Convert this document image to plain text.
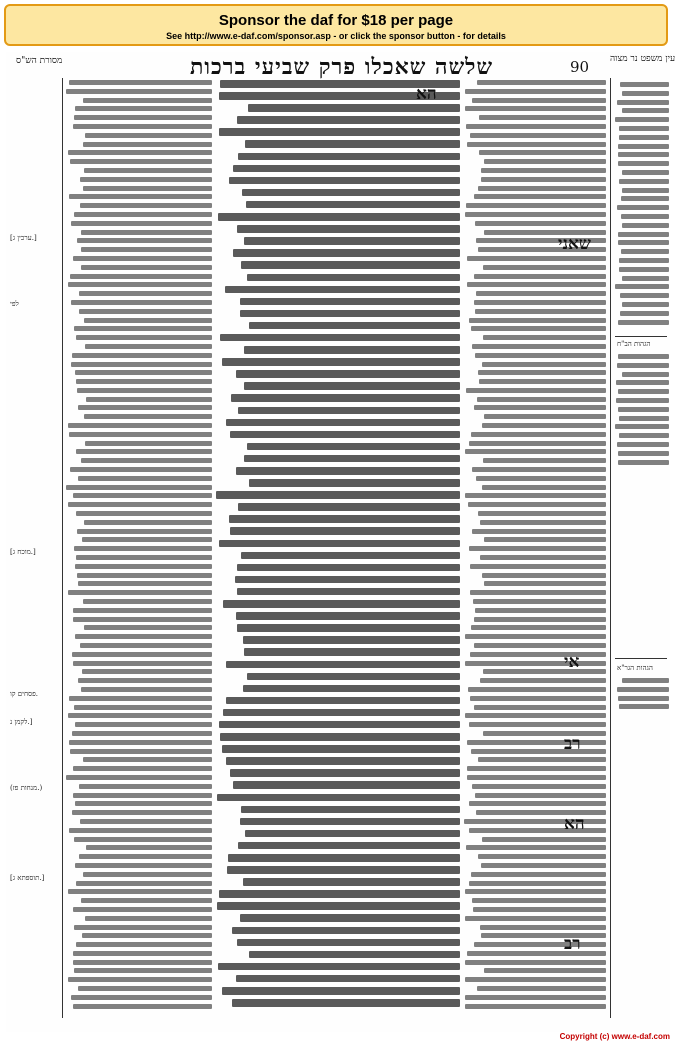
Sponsor the daf for $18 per page
See http://www.e-daf.com/sponsor.asp - or click the sponsor button - for details
מסורת הש"ס	שלשה שאכלו פרק שביעי ברכות	90 עין משפט נר מצוה
[ערכין ג.]
לפי
[מוכח ג.]
פסחים קו.
לקמן נ.]
(מנחות פז.)
[תוספתא ג.]
הא
שאני
אי
רב
הא
רב
הגהות הב"ח
הגהות הגר"א
Copyright (c) www.e-daf.com
